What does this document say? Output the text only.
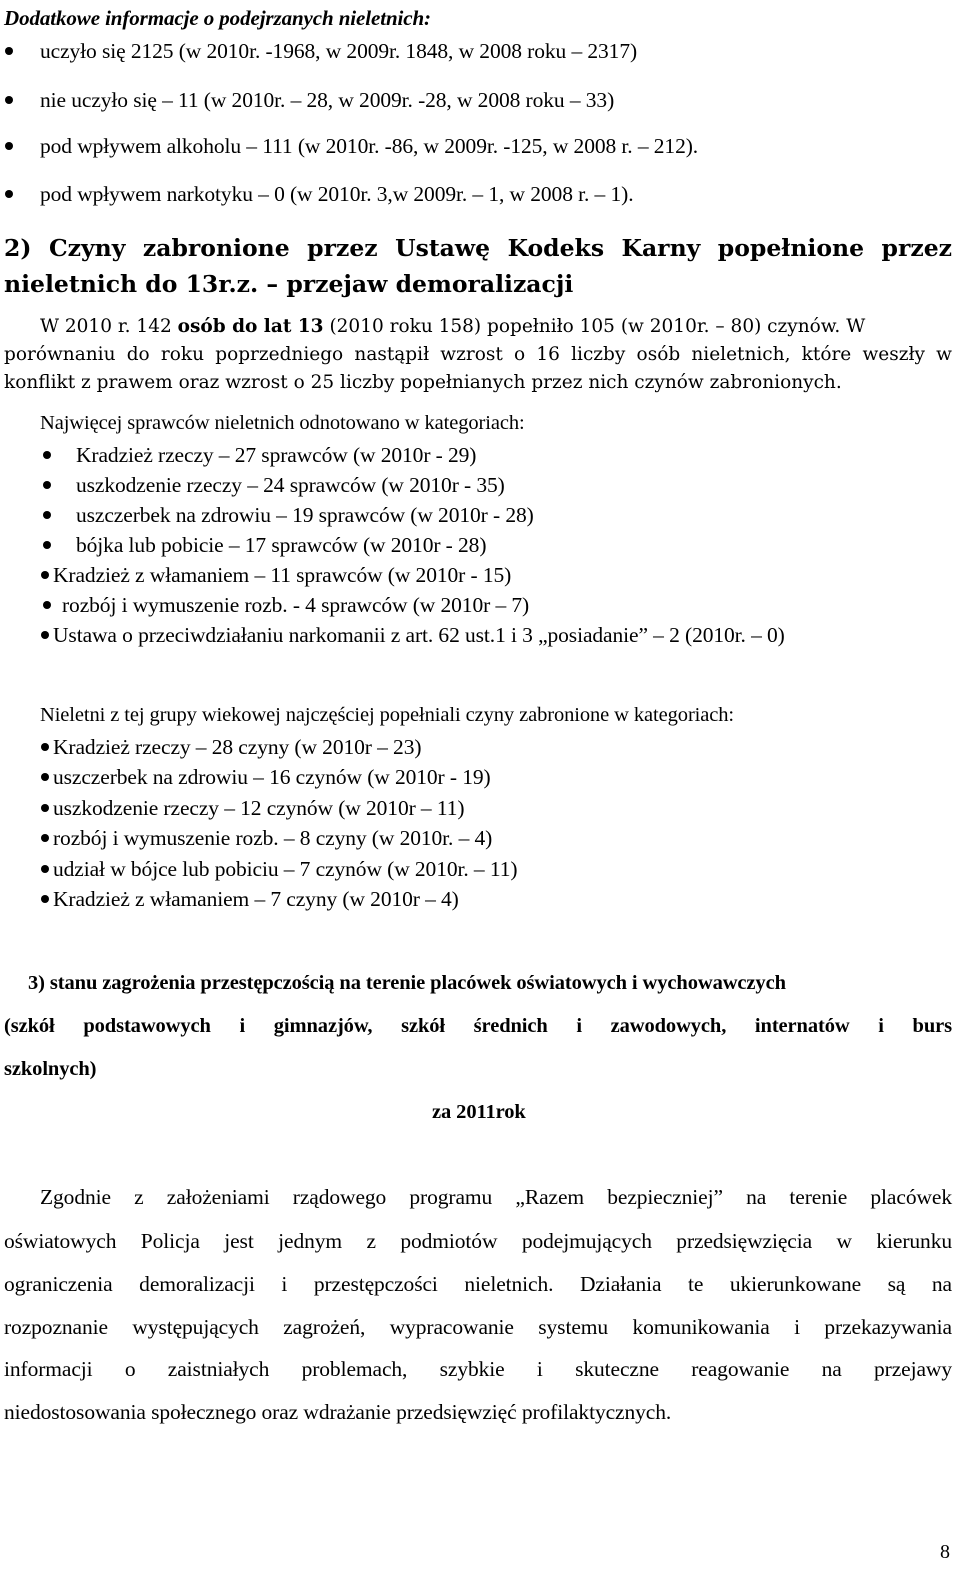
Dodatkowe informacje o podejrzanych nieletnich:
uczyło się 2125 (w 2010r. -1968, w 2009r. 1848, w 2008 roku – 2317)
nie uczyło się – 11 (w 2010r. – 28, w 2009r. -28, w 2008 roku – 33)
pod wpływem alkoholu – 111 (w 2010r. -86, w 2009r. -125, w 2008 r. – 212).
pod wpływem narkotyku – 0 (w 2010r. 3,w 2009r. – 1, w 2008 r. – 1).
2) Czyny zabronione przez Ustawę Kodeks Karny popełnione przez
nieletnich do 13r.z. – przejaw demoralizacji
W 2010 r. 142 osób do lat 13 (2010 roku 158) popełniło 105 (w 2010r. – 80) czynów. W
porównaniu do roku poprzedniego nastąpił wzrost o 16 liczby osób nieletnich, które weszły w
konflikt z prawem oraz wzrost o 25 liczby popełnianych przez nich czynów zabronionych.
Najwięcej sprawców nieletnich odnotowano w kategoriach:
Kradzież rzeczy – 27 sprawców (w 2010r - 29)
uszkodzenie rzeczy – 24 sprawców (w 2010r - 35)
uszczerbek na zdrowiu – 19 sprawców (w 2010r - 28)
bójka lub pobicie – 17 sprawców (w 2010r - 28)
Kradzież z włamaniem – 11 sprawców (w 2010r - 15)
rozbój i wymuszenie rozb. - 4 sprawców (w 2010r – 7)
Ustawa o przeciwdziałaniu narkomanii z art. 62 ust.1 i 3 „posiadanie” – 2 (2010r. – 0)
Nieletni z tej grupy wiekowej najczęściej popełniali czyny zabronione w kategoriach:
Kradzież rzeczy – 28 czyny (w 2010r – 23)
uszczerbek na zdrowiu – 16 czynów (w 2010r - 19)
uszkodzenie rzeczy – 12 czynów (w 2010r – 11)
rozbój i wymuszenie rozb. – 8 czyny (w 2010r. – 4)
udział w bójce lub pobiciu – 7 czynów (w 2010r. – 11)
Kradzież z włamaniem – 7 czyny (w 2010r – 4)
3) stanu zagrożenia przestępczością na terenie placówek oświatowych i wychowawczych
(szkół podstawowych i gimnazjów, szkół średnich i zawodowych, internatów i burs
szkolnych)
za 2011rok
Zgodnie z założeniami rządowego programu „Razem bezpieczniej” na terenie placówek
oświatowych Policja jest jednym z podmiotów podejmujących przedsięwzięcia w kierunku
ograniczenia demoralizacji i przestępczości nieletnich. Działania te ukierunkowane są na
rozpoznanie występujących zagrożeń, wypracowanie systemu komunikowania i przekazywania
informacji o zaistniałych problemach, szybkie i skuteczne reagowanie na przejawy
niedostosowania społecznego oraz wdrażanie przedsięwzięć profilaktycznych.
8
